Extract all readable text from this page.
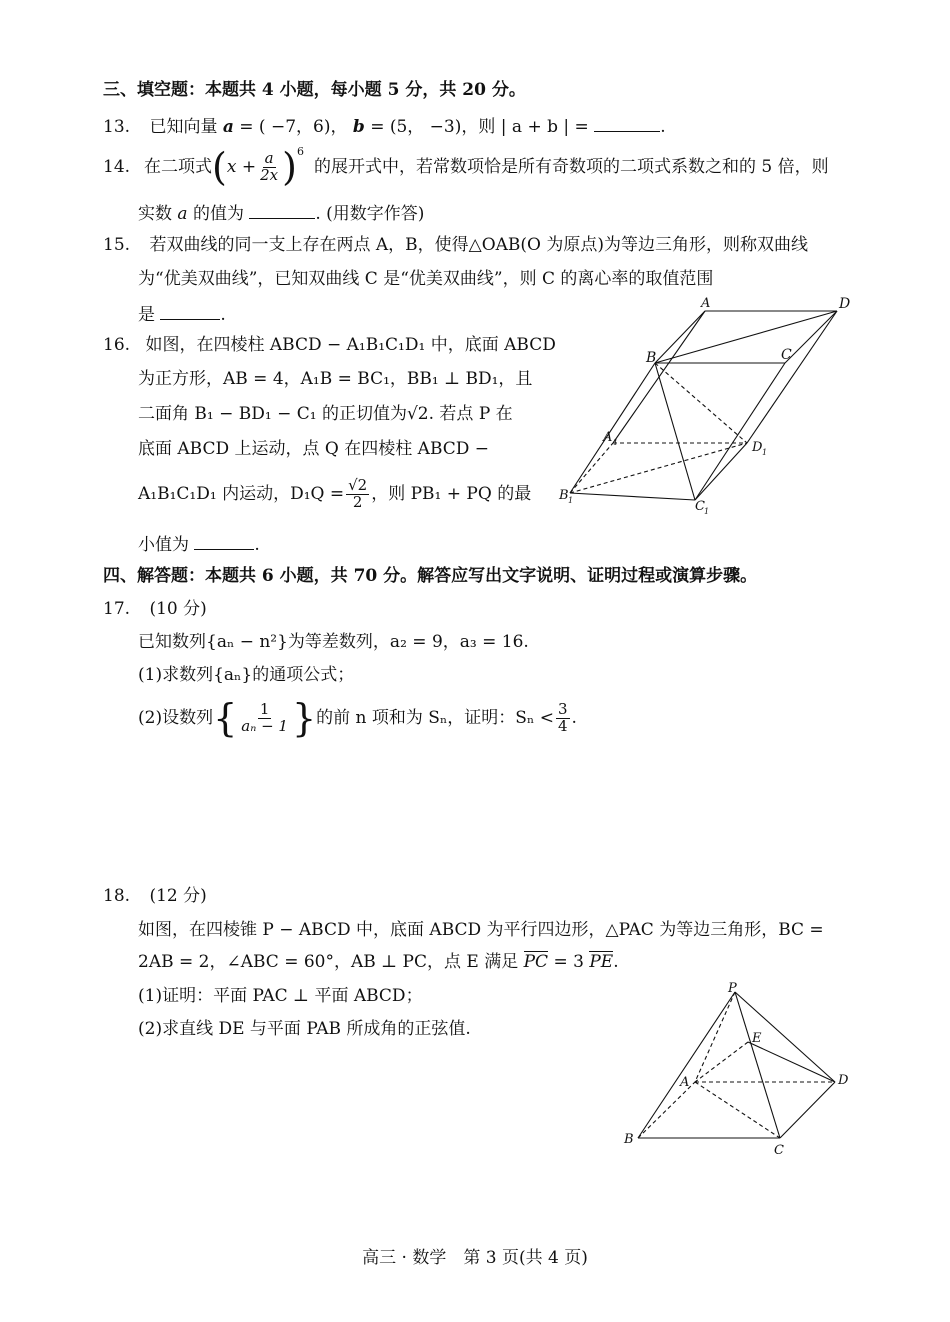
三、填空题：本题共 4 小题，每小题 5 分，共 20 分。
13. 已知向量 a = ( −7，6)， b = (5， −3)，则 | a + b | =	.
14. 在二项式 ( $x + \frac{a}{2x}$ ) 6
的展开式中，若常数项恰是所有奇数项的二项式系数之和的 5 倍，则
实数 a 的值为	. (用数字作答)
15. 若双曲线的同一支上存在两点 A，B，使得△OAB(O 为原点)为等边三角形，则称双曲线
为“优美双曲线”，已知双曲线 C 是“优美双曲线”，则 C 的离心率的取值范围
是	.
16. 如图，在四棱柱 ABCD − A₁B₁C₁D₁ 中，底面 ABCD
为正方形，AB = 4，A₁B = BC₁，BB₁ ⊥ BD₁，且
二面角 B₁ − BD₁ − C₁ 的正切值为√2. 若点 P 在
底面 ABCD 上运动，点 Q 在四棱柱 ABCD −
A₁B₁C₁D₁ 内运动，$D_1Q = \frac{√2}{2}$ ，则 PB₁ + PQ 的最
小值为	.
A	D
B	C
A 1	D 1
B 1	C 1
四、解答题：本题共 6 小题，共 70 分。解答应写出文字说明、证明过程或演算步骤。
17. (10 分)
已知数列{aₙ − n²}为等差数列，a₂ = 9，a₃ = 16.
(1)求数列{aₙ}的通项公式；
(2)设数列 { $\frac{1}{\text{aₙ − 1}}$ } 的前 n 项和为 Sₙ，证明：$S_n < \frac{3}{4}$ .
18. (12 分)
如图，在四棱锥 P − ABCD 中，底面 ABCD 为平行四边形，△PAC 为等边三角形，BC =
2AB = 2，∠ABC = 60°，AB ⊥ PC，点 E 满足 PC = 3 PE.
(1)证明：平面 PAC ⊥ 平面 ABCD；
(2)求直线 DE 与平面 PAB 所成角的正弦值.
P
E
A	D
B
C
高三 · 数学　第 3 页(共 4 页)
